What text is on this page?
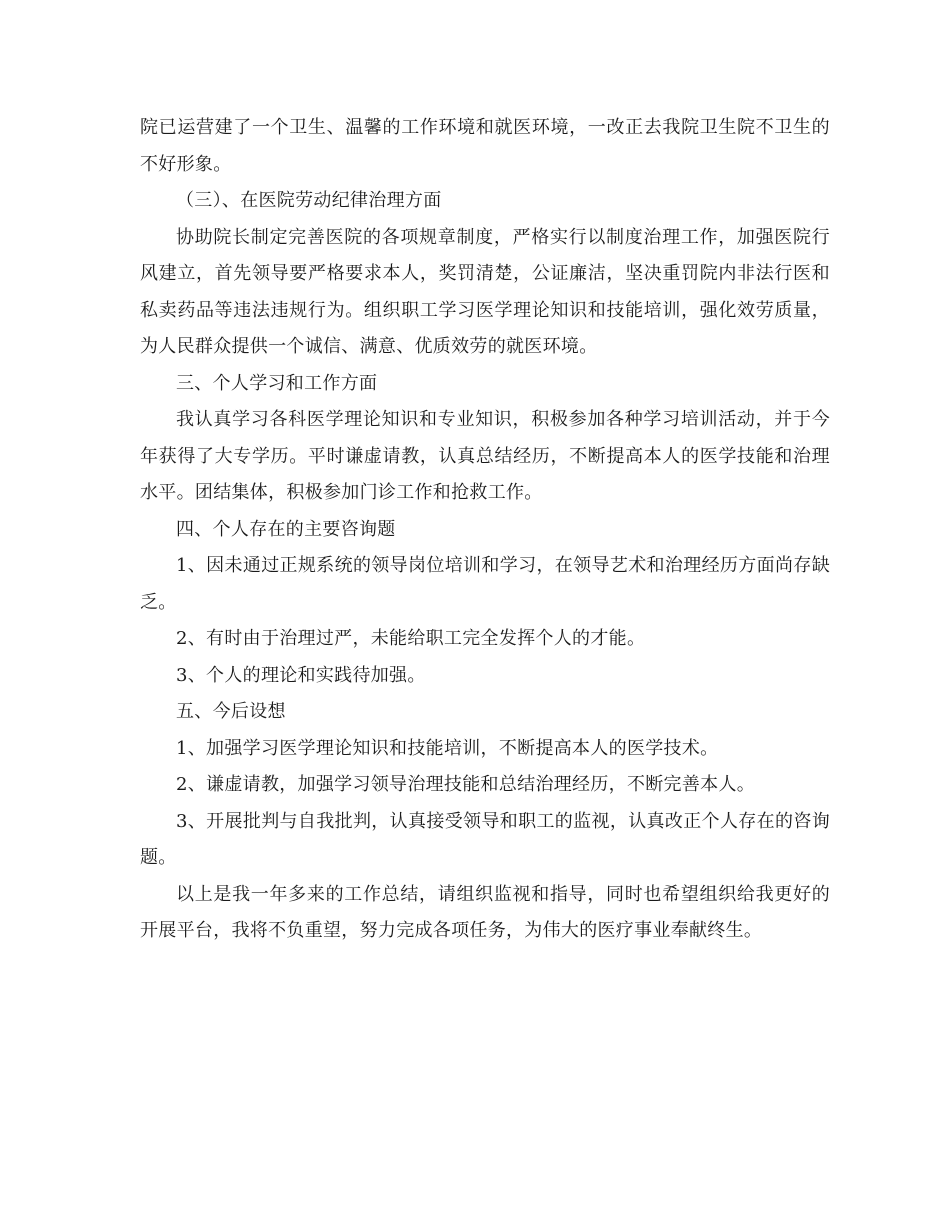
院已运营建了一个卫生、温馨的工作环境和就医环境，一改正去我院卫生院不卫生的不好形象。

（三）、在医院劳动纪律治理方面

协助院长制定完善医院的各项规章制度，严格实行以制度治理工作，加强医院行风建立，首先领导要严格要求本人，奖罚清楚，公证廉洁，坚决重罚院内非法行医和私卖药品等违法违规行为。组织职工学习医学理论知识和技能培训，强化效劳质量，为人民群众提供一个诚信、满意、优质效劳的就医环境。

三、个人学习和工作方面

我认真学习各科医学理论知识和专业知识，积极参加各种学习培训活动，并于今年获得了大专学历。平时谦虚请教，认真总结经历，不断提高本人的医学技能和治理水平。团结集体，积极参加门诊工作和抢救工作。

四、个人存在的主要咨询题

1、因未通过正规系统的领导岗位培训和学习，在领导艺术和治理经历方面尚存缺乏。

2、有时由于治理过严，未能给职工完全发挥个人的才能。

3、个人的理论和实践待加强。

五、今后设想

1、加强学习医学理论知识和技能培训，不断提高本人的医学技术。

2、谦虚请教，加强学习领导治理技能和总结治理经历，不断完善本人。

3、开展批判与自我批判，认真接受领导和职工的监视，认真改正个人存在的咨询题。

以上是我一年多来的工作总结，请组织监视和指导，同时也希望组织给我更好的开展平台，我将不负重望，努力完成各项任务，为伟大的医疗事业奉献终生。
